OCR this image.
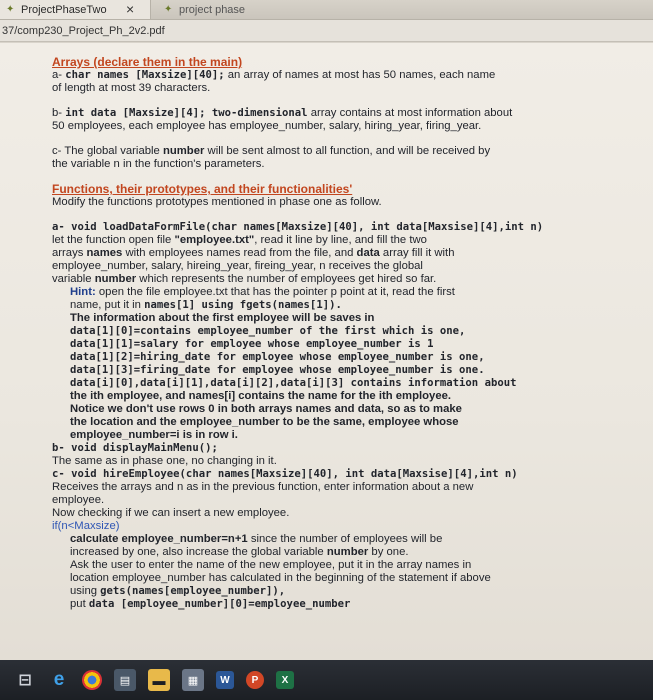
✦ ProjectPhaseTwo ×	✦ project phase
37/comp230_Project_Ph_2v2.pdf

Arrays (declare them in the main)

a- char names [Maxsize][40]; an array of names at most has 50 names, each name

of length at most 39 characters.

b- int data [Maxsize][4]; two-dimensional array contains at most information about

50 employees, each employee has employee_number, salary, hiring_year, firing_year.

c- The global variable number will be sent almost to all function, and will be received by

the variable n in the function's parameters.

Functions, their prototypes, and their functionalities'

Modify the functions prototypes mentioned in phase one as follow.

a- void loadDataFormFile(char names[Maxsize][40], int data[Maxsise][4],int n)

let the function open file "employee.txt", read it line by line, and fill the two

arrays names with employees names read from the file, and data array fill it with

employee_number, salary, hireing_year, fireing_year, n receives the global

variable number which represents the number of employees get hired so far.

Hint: open the file employee.txt that has the pointer p point at it, read the first

name, put it in names[1] using fgets(names[1]).

The information about the first employee will be saves in

data[1][0]=contains employee_number of the first which is one,

data[1][1]=salary for employee whose employee_number is 1

data[1][2]=hiring_date for employee whose employee_number is one,

data[1][3]=firing_date for employee whose employee_number is one.

data[i][0],data[i][1],data[i][2],data[i][3] contains information about

the ith employee, and names[i] contains the name for the ith employee.

Notice we don't use rows 0 in both arrays names and data, so as to make

the location and the employee_number to be the same, employee whose

employee_number=i is in row i.

b- void displayMainMenu();

The same as in phase one, no changing in it.

c- void hireEmployee(char names[Maxsize][40], int data[Maxsise][4],int n)

Receives the arrays and n as in the previous function, enter information about a new

employee.

Now checking if we can insert a new employee.

if(n<Maxsize)

calculate employee_number=n+1 since the number of employees will be

increased by one, also increase the global variable number by one.

Ask the user to enter the name of the new employee, put it in the array names in

location employee_number has calculated in the beginning of the statement if above

using gets(names[employee_number]),

put data [employee_number][0]=employee_number

⊟	e	▤	▬	▦	W	P	X
